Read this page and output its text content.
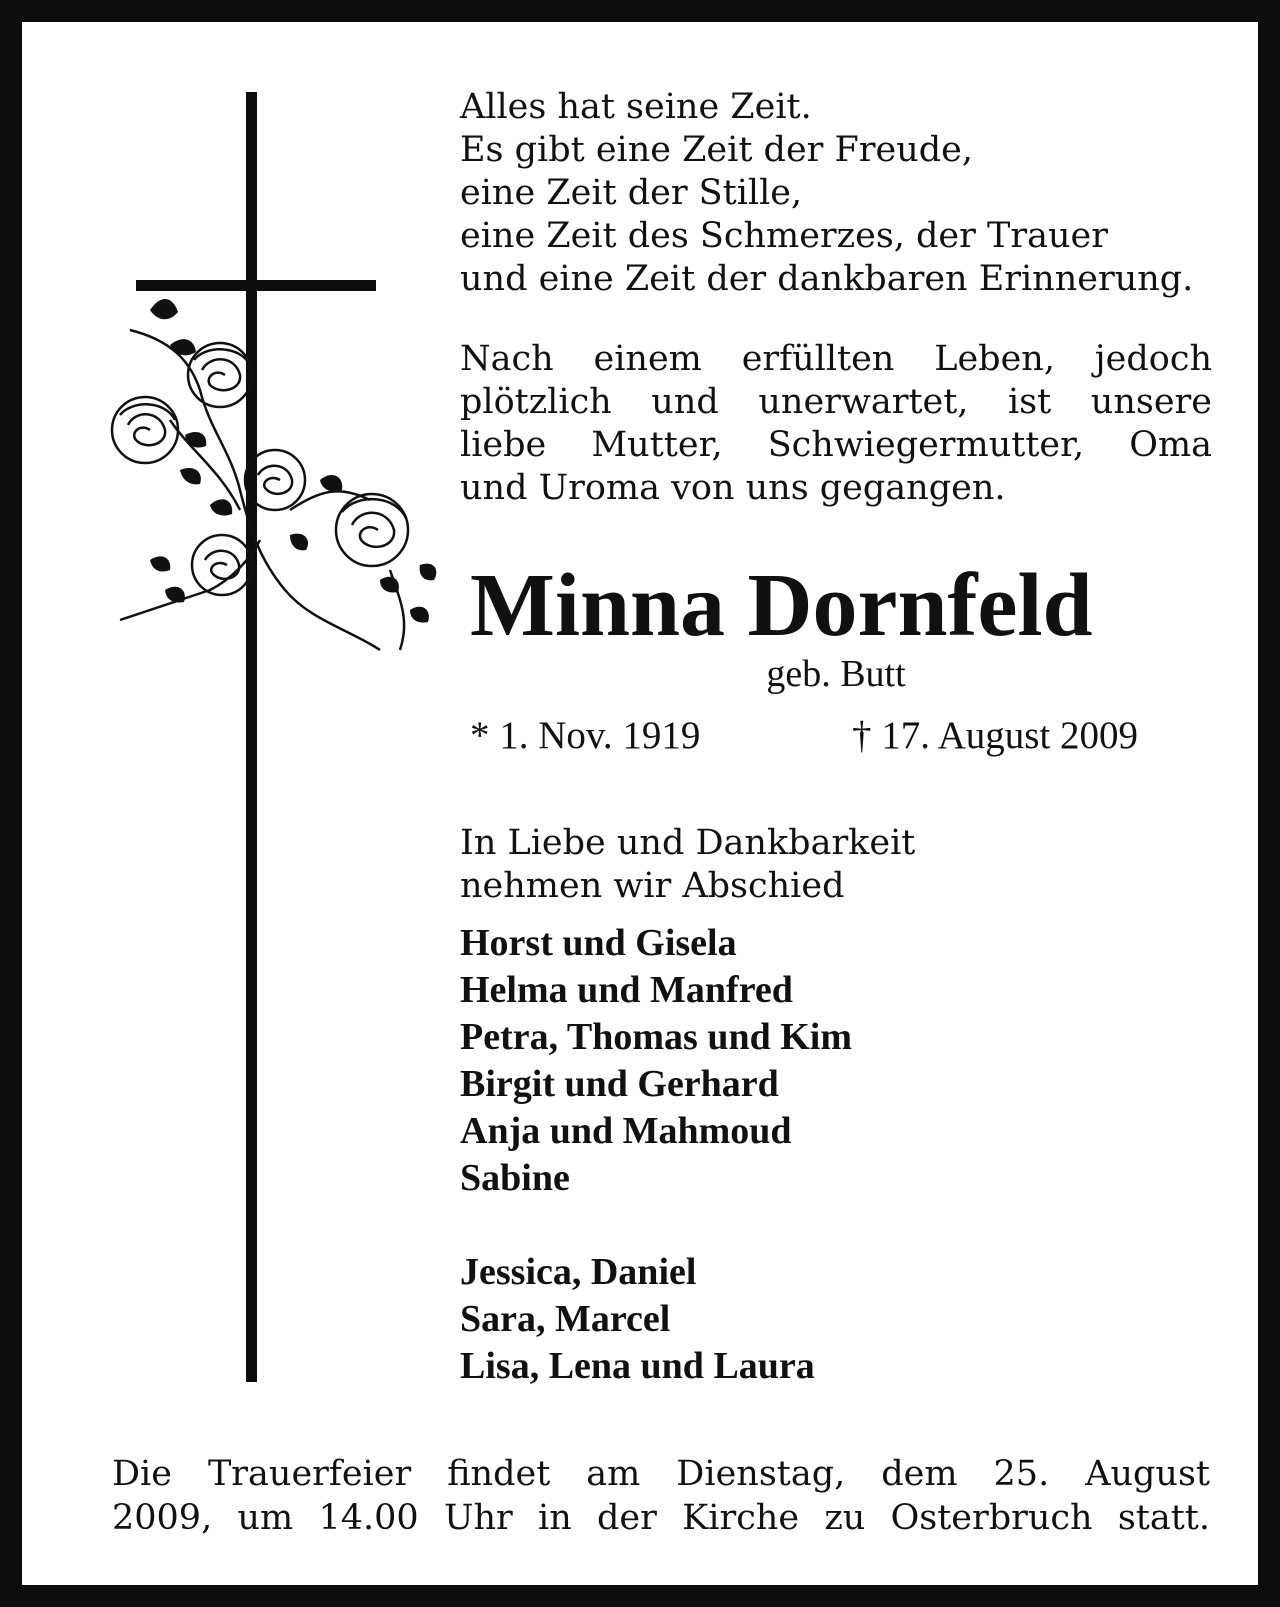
Alles hat seine Zeit.
Es gibt eine Zeit der Freude,
eine Zeit der Stille,
eine Zeit des Schmerzes, der Trauer
und eine Zeit der dankbaren Erinnerung.
Nach einem erfüllten Leben, jedoch
plötzlich und unerwartet, ist unsere
liebe Mutter, Schwiegermutter, Oma
und Uroma von uns gegangen.
Minna Dornfeld
geb. Butt
* 1. Nov. 1919	† 17. August 2009
In Liebe und Dankbarkeit
nehmen wir Abschied
Horst und Gisela
Helma und Manfred
Petra, Thomas und Kim
Birgit und Gerhard
Anja und Mahmoud
Sabine
Jessica, Daniel
Sara, Marcel
Lisa, Lena und Laura
Die Trauerfeier findet am Dienstag, dem 25. August
2009, um 14.00 Uhr in der Kirche zu Osterbruch statt.
